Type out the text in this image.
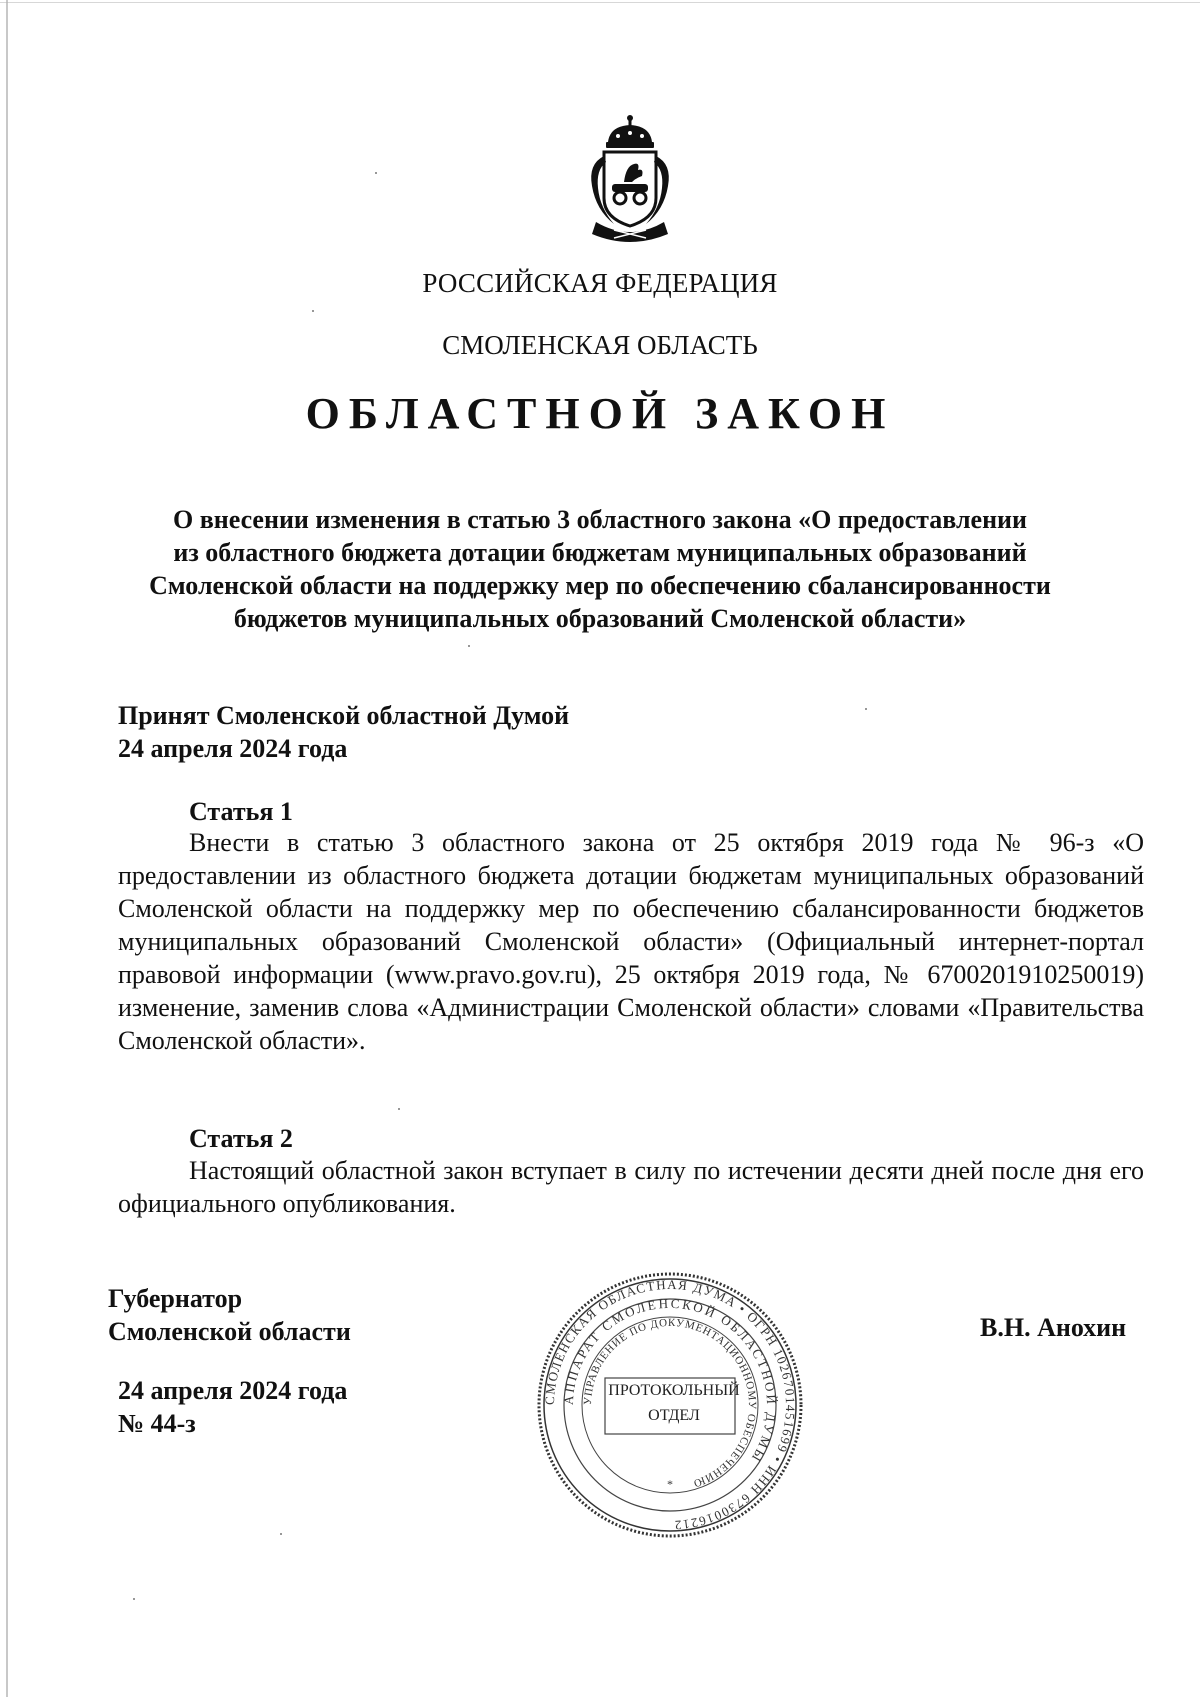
РОССИЙСКАЯ ФЕДЕРАЦИЯ
СМОЛЕНСКАЯ ОБЛАСТЬ
ОБЛАСТНОЙ ЗАКОН
О внесении изменения в статью 3 областного закона «О предоставлении
из областного бюджета дотации бюджетам муниципальных образований
Смоленской области на поддержку мер по обеспечению сбалансированности
бюджетов муниципальных образований Смоленской области»
Принят Смоленской областной Думой
24 апреля 2024 года
Статья 1
Внести в статью 3 областного закона от 25 октября 2019 года № 96-з «О предоставлении из областного бюджета дотации бюджетам муниципальных образований Смоленской области на поддержку мер по обеспечению сбалансированности бюджетов муниципальных образований Смоленской области» (Официальный интернет-портал правовой информации (www.pravo.gov.ru), 25 октября 2019 года, № 6700201910250019) изменение, заменив слова «Администрации Смоленской области» словами «Правительства Смоленской области».
Статья 2
Настоящий областной закон вступает в силу по истечении десяти дней после дня его официального опубликования.
Губернатор
Смоленской области	В.Н. Анохин
24 апреля 2024 года
№ 44-з
СМОЛЕНСКАЯ ОБЛАСТНАЯ ДУМА • ОГРН 1026701451699 • ИНН 6730016212
АППАРАТ СМОЛЕНСКОЙ ОБЛАСТНОЙ ДУМЫ
УПРАВЛЕНИЕ ПО ДОКУМЕНТАЦИОННОМУ ОБЕСПЕЧЕНИЮ
*
ПРОТОКОЛЬНЫЙ
ОТДЕЛ
